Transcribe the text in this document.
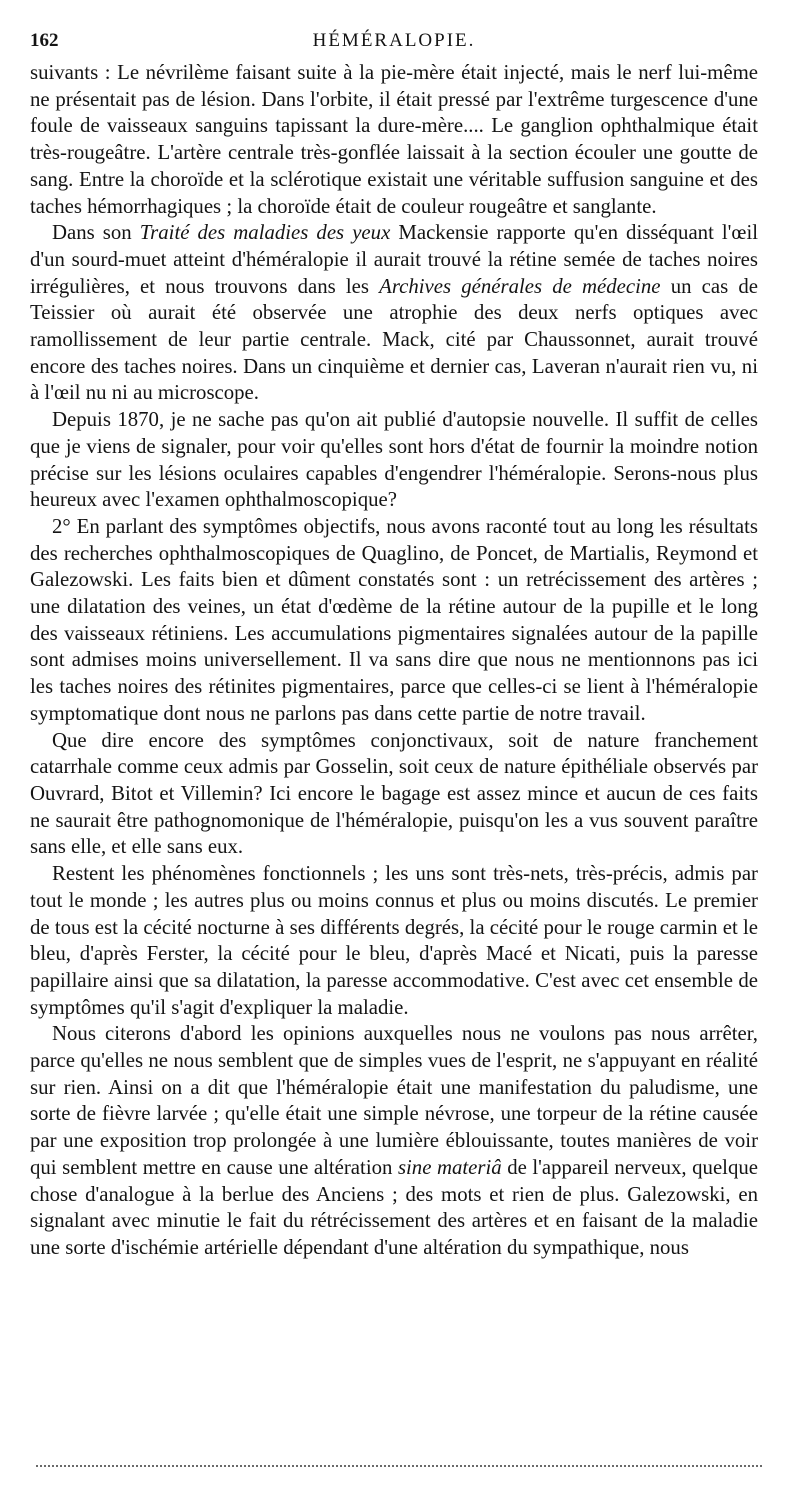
162	HÉMÉRALOPIE.

suivants : Le névrilème faisant suite à la pie-mère était injecté, mais le nerf lui-même ne présentait pas de lésion. Dans l'orbite, il était pressé par l'extrême turgescence d'une foule de vaisseaux sanguins tapissant la dure-mère.... Le ganglion ophthalmique était très-rougeâtre. L'artère centrale très-gonflée laissait à la section écouler une goutte de sang. Entre la choroïde et la sclérotique existait une véritable suffusion sanguine et des taches hémorrhagiques ; la choroïde était de couleur rougeâtre et sanglante.

Dans son Traité des maladies des yeux Mackensie rapporte qu'en disséquant l'œil d'un sourd-muet atteint d'héméralopie il aurait trouvé la rétine semée de taches noires irrégulières, et nous trouvons dans les Archives générales de médecine un cas de Teissier où aurait été observée une atrophie des deux nerfs optiques avec ramollissement de leur partie centrale. Mack, cité par Chaussonnet, aurait trouvé encore des taches noires. Dans un cinquième et dernier cas, Laveran n'aurait rien vu, ni à l'œil nu ni au microscope.

Depuis 1870, je ne sache pas qu'on ait publié d'autopsie nouvelle. Il suffit de celles que je viens de signaler, pour voir qu'elles sont hors d'état de fournir la moindre notion précise sur les lésions oculaires capables d'engendrer l'héméralopie. Serons-nous plus heureux avec l'examen ophthalmoscopique?

2° En parlant des symptômes objectifs, nous avons raconté tout au long les résultats des recherches ophthalmoscopiques de Quaglino, de Poncet, de Martialis, Reymond et Galezowski. Les faits bien et dûment constatés sont : un retrécissement des artères ; une dilatation des veines, un état d'œdème de la rétine autour de la pupille et le long des vaisseaux rétiniens. Les accumulations pigmentaires signalées autour de la papille sont admises moins universellement. Il va sans dire que nous ne mentionnons pas ici les taches noires des rétinites pigmentaires, parce que celles-ci se lient à l'héméralopie symptomatique dont nous ne parlons pas dans cette partie de notre travail.

Que dire encore des symptômes conjonctivaux, soit de nature franchement catarrhale comme ceux admis par Gosselin, soit ceux de nature épithéliale observés par Ouvrard, Bitot et Villemin? Ici encore le bagage est assez mince et aucun de ces faits ne saurait être pathognomonique de l'héméralopie, puisqu'on les a vus souvent paraître sans elle, et elle sans eux.

Restent les phénomènes fonctionnels ; les uns sont très-nets, très-précis, admis par tout le monde ; les autres plus ou moins connus et plus ou moins discutés. Le premier de tous est la cécité nocturne à ses différents degrés, la cécité pour le rouge carmin et le bleu, d'après Ferster, la cécité pour le bleu, d'après Macé et Nicati, puis la paresse papillaire ainsi que sa dilatation, la paresse accommodative. C'est avec cet ensemble de symptômes qu'il s'agit d'expliquer la maladie.

Nous citerons d'abord les opinions auxquelles nous ne voulons pas nous arrêter, parce qu'elles ne nous semblent que de simples vues de l'esprit, ne s'appuyant en réalité sur rien. Ainsi on a dit que l'héméralopie était une manifestation du paludisme, une sorte de fièvre larvée ; qu'elle était une simple névrose, une torpeur de la rétine causée par une exposition trop prolongée à une lumière éblouissante, toutes manières de voir qui semblent mettre en cause une altération sine materiâ de l'appareil nerveux, quelque chose d'analogue à la berlue des Anciens ; des mots et rien de plus. Galezowski, en signalant avec minutie le fait du rétrécissement des artères et en faisant de la maladie une sorte d'ischémie artérielle dépendant d'une altération du sympathique, nous
